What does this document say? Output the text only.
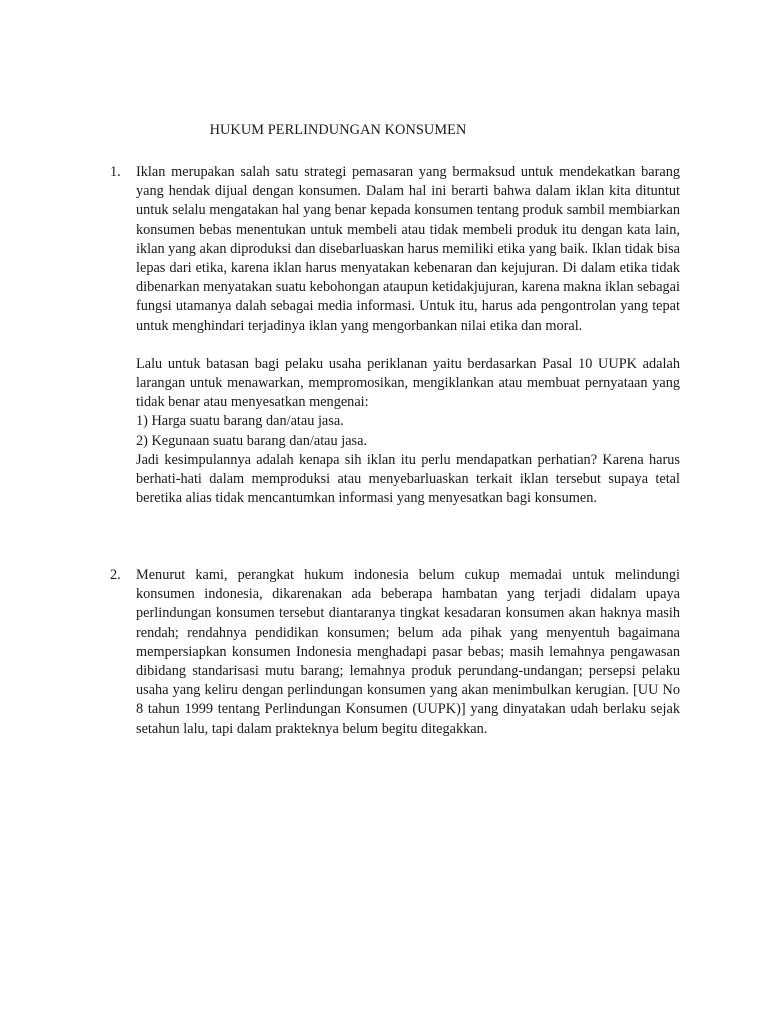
HUKUM PERLINDUNGAN KONSUMEN
1. Iklan merupakan salah satu strategi pemasaran yang bermaksud untuk mendekatkan barang yang hendak dijual dengan konsumen. Dalam hal ini berarti bahwa dalam iklan kita dituntut untuk selalu mengatakan hal yang benar kepada konsumen tentang produk sambil membiarkan konsumen bebas menentukan untuk membeli atau tidak membeli produk itu dengan kata lain, iklan yang akan diproduksi dan disebarluaskan harus memiliki etika yang baik. Iklan tidak bisa lepas dari etika, karena iklan harus menyatakan kebenaran dan kejujuran. Di dalam etika tidak dibenarkan menyatakan suatu kebohongan ataupun ketidakjujuran, karena makna iklan sebagai fungsi utamanya dalah sebagai media informasi. Untuk itu, harus ada pengontrolan yang tepat untuk menghindari terjadinya iklan yang mengorbankan nilai etika dan moral.

Lalu untuk batasan bagi pelaku usaha periklanan yaitu berdasarkan Pasal 10 UUPK adalah larangan untuk menawarkan, mempromosikan, mengiklankan atau membuat pernyataan yang tidak benar atau menyesatkan mengenai:

1) Harga suatu barang dan/atau jasa.

2) Kegunaan suatu barang dan/atau jasa.

Jadi kesimpulannya adalah kenapa sih iklan itu perlu mendapatkan perhatian? Karena harus berhati-hati dalam memproduksi atau menyebarluaskan terkait iklan tersebut supaya tetal beretika alias tidak mencantumkan informasi yang menyesatkan bagi konsumen.

2. Menurut kami, perangkat hukum indonesia belum cukup memadai untuk melindungi konsumen indonesia, dikarenakan ada beberapa hambatan yang terjadi didalam upaya perlindungan konsumen tersebut diantaranya tingkat kesadaran konsumen akan haknya masih rendah; rendahnya pendidikan konsumen; belum ada pihak yang menyentuh bagaimana mempersiapkan konsumen Indonesia menghadapi pasar bebas; masih lemahnya pengawasan dibidang standarisasi mutu barang; lemahnya produk perundang-undangan; persepsi pelaku usaha yang keliru dengan perlindungan konsumen yang akan menimbulkan kerugian. [UU No 8 tahun 1999 tentang Perlindungan Konsumen (UUPK)] yang dinyatakan udah berlaku sejak setahun lalu, tapi dalam prakteknya belum begitu ditegakkan.
